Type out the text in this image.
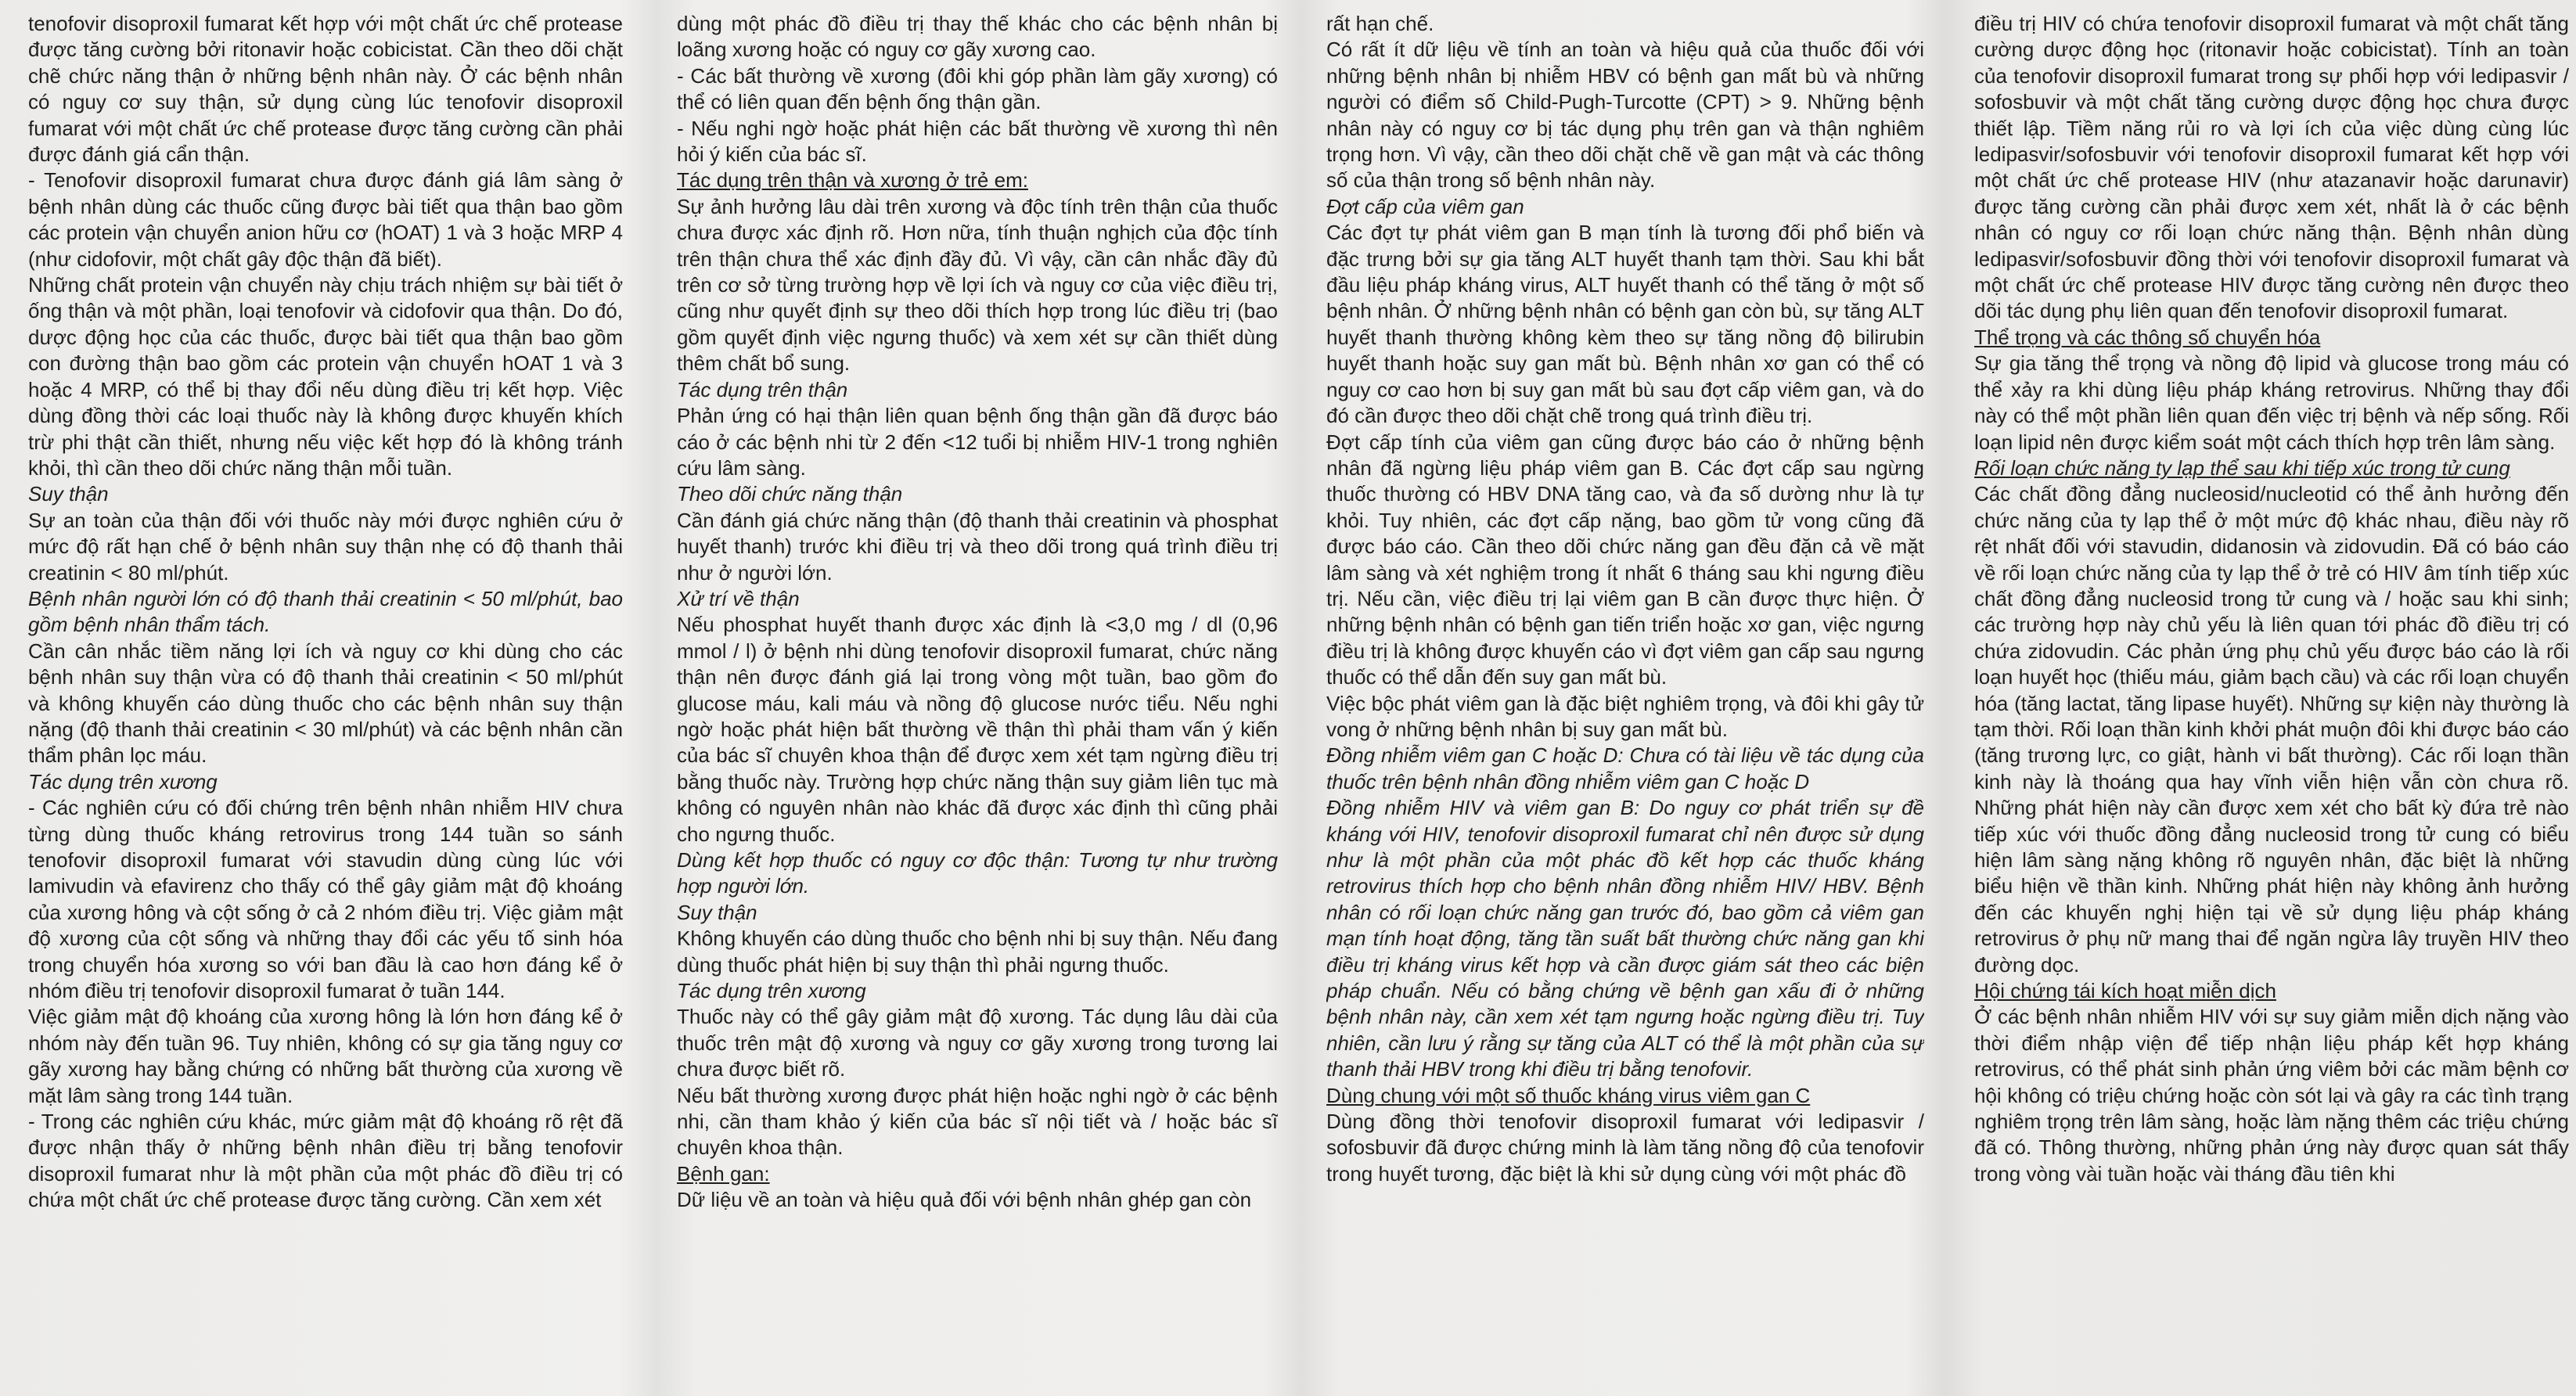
tenofovir disoproxil fumarat kết hợp với một chất ức chế protease được tăng cường bởi ritonavir hoặc cobicistat. Cần theo dõi chặt chẽ chức năng thận ở những bệnh nhân này. Ở các bệnh nhân có nguy cơ suy thận, sử dụng cùng lúc tenofovir disoproxil fumarat với một chất ức chế protease được tăng cường cần phải được đánh giá cẩn thận.

- Tenofovir disoproxil fumarat chưa được đánh giá lâm sàng ở bệnh nhân dùng các thuốc cũng được bài tiết qua thận bao gồm các protein vận chuyển anion hữu cơ (hOAT) 1 và 3 hoặc MRP 4 (như cidofovir, một chất gây độc thận đã biết).

Những chất protein vận chuyển này chịu trách nhiệm sự bài tiết ở ống thận và một phần, loại tenofovir và cidofovir qua thận. Do đó, dược động học của các thuốc, được bài tiết qua thận bao gồm con đường thận bao gồm các protein vận chuyển hOAT 1 và 3 hoặc 4 MRP, có thể bị thay đổi nếu dùng điều trị kết hợp. Việc dùng đồng thời các loại thuốc này là không được khuyến khích trừ phi thật cần thiết, nhưng nếu việc kết hợp đó là không tránh khỏi, thì cần theo dõi chức năng thận mỗi tuần.

Suy thận

Sự an toàn của thận đối với thuốc này mới được nghiên cứu ở mức độ rất hạn chế ở bệnh nhân suy thận nhẹ có độ thanh thải creatinin < 80 ml/phút.

Bệnh nhân người lớn có độ thanh thải creatinin < 50 ml/phút, bao gồm bệnh nhân thẩm tách.

Cần cân nhắc tiềm năng lợi ích và nguy cơ khi dùng cho các bệnh nhân suy thận vừa có độ thanh thải creatinin < 50 ml/phút và không khuyến cáo dùng thuốc cho các bệnh nhân suy thận nặng (độ thanh thải creatinin < 30 ml/phút) và các bệnh nhân cần thẩm phân lọc máu.

Tác dụng trên xương

- Các nghiên cứu có đối chứng trên bệnh nhân nhiễm HIV chưa từng dùng thuốc kháng retrovirus trong 144 tuần so sánh tenofovir disoproxil fumarat với stavudin dùng cùng lúc với lamivudin và efavirenz cho thấy có thể gây giảm mật độ khoáng của xương hông và cột sống ở cả 2 nhóm điều trị. Việc giảm mật độ xương của cột sống và những thay đổi các yếu tố sinh hóa trong chuyển hóa xương so với ban đầu là cao hơn đáng kể ở nhóm điều trị tenofovir disoproxil fumarat ở tuần 144.

Việc giảm mật độ khoáng của xương hông là lớn hơn đáng kể ở nhóm này đến tuần 96. Tuy nhiên, không có sự gia tăng nguy cơ gãy xương hay bằng chứng có những bất thường của xương về mặt lâm sàng trong 144 tuần.

- Trong các nghiên cứu khác, mức giảm mật độ khoáng rõ rệt đã được nhận thấy ở những bệnh nhân điều trị bằng tenofovir disoproxil fumarat như là một phần của một phác đồ điều trị có chứa một chất ức chế protease được tăng cường. Cần xem xét

dùng một phác đồ điều trị thay thế khác cho các bệnh nhân bị loãng xương hoặc có nguy cơ gãy xương cao.

- Các bất thường về xương (đôi khi góp phần làm gãy xương) có thể có liên quan đến bệnh ống thận gần.

- Nếu nghi ngờ hoặc phát hiện các bất thường về xương thì nên hỏi ý kiến của bác sĩ.

Tác dụng trên thận và xương ở trẻ em:

Sự ảnh hưởng lâu dài trên xương và độc tính trên thận của thuốc chưa được xác định rõ. Hơn nữa, tính thuận nghịch của độc tính trên thận chưa thể xác định đầy đủ. Vì vậy, cần cân nhắc đầy đủ trên cơ sở từng trường hợp về lợi ích và nguy cơ của việc điều trị, cũng như quyết định sự theo dõi thích hợp trong lúc điều trị (bao gồm quyết định việc ngưng thuốc) và xem xét sự cần thiết dùng thêm chất bổ sung.

Tác dụng trên thận

Phản ứng có hại thận liên quan bệnh ống thận gần đã được báo cáo ở các bệnh nhi từ 2 đến <12 tuổi bị nhiễm HIV-1 trong nghiên cứu lâm sàng.

Theo dõi chức năng thận

Cần đánh giá chức năng thận (độ thanh thải creatinin và phosphat huyết thanh) trước khi điều trị và theo dõi trong quá trình điều trị như ở người lớn.

Xử trí về thận

Nếu phosphat huyết thanh được xác định là <3,0 mg / dl (0,96 mmol / l) ở bệnh nhi dùng tenofovir disoproxil fumarat, chức năng thận nên được đánh giá lại trong vòng một tuần, bao gồm đo glucose máu, kali máu và nồng độ glucose nước tiểu. Nếu nghi ngờ hoặc phát hiện bất thường về thận thì phải tham vấn ý kiến của bác sĩ chuyên khoa thận để được xem xét tạm ngừng điều trị bằng thuốc này. Trường hợp chức năng thận suy giảm liên tục mà không có nguyên nhân nào khác đã được xác định thì cũng phải cho ngưng thuốc.

Dùng kết hợp thuốc có nguy cơ độc thận: Tương tự như trường hợp người lớn.

Suy thận

Không khuyến cáo dùng thuốc cho bệnh nhi bị suy thận. Nếu đang dùng thuốc phát hiện bị suy thận thì phải ngưng thuốc.

Tác dụng trên xương

Thuốc này có thể gây giảm mật độ xương. Tác dụng lâu dài của thuốc trên mật độ xương và nguy cơ gãy xương trong tương lai chưa được biết rõ.

Nếu bất thường xương được phát hiện hoặc nghi ngờ ở các bệnh nhi, cần tham khảo ý kiến của bác sĩ nội tiết và / hoặc bác sĩ chuyên khoa thận.

Bệnh gan:

Dữ liệu về an toàn và hiệu quả đối với bệnh nhân ghép gan còn

rất hạn chế.

Có rất ít dữ liệu về tính an toàn và hiệu quả của thuốc đối với những bệnh nhân bị nhiễm HBV có bệnh gan mất bù và những người có điểm số Child-Pugh-Turcotte (CPT) > 9. Những bệnh nhân này có nguy cơ bị tác dụng phụ trên gan và thận nghiêm trọng hơn. Vì vậy, cần theo dõi chặt chẽ về gan mật và các thông số của thận trong số bệnh nhân này.

Đợt cấp của viêm gan

Các đợt tự phát viêm gan B mạn tính là tương đối phổ biến và đặc trưng bởi sự gia tăng ALT huyết thanh tạm thời. Sau khi bắt đầu liệu pháp kháng virus, ALT huyết thanh có thể tăng ở một số bệnh nhân. Ở những bệnh nhân có bệnh gan còn bù, sự tăng ALT huyết thanh thường không kèm theo sự tăng nồng độ bilirubin huyết thanh hoặc suy gan mất bù. Bệnh nhân xơ gan có thể có nguy cơ cao hơn bị suy gan mất bù sau đợt cấp viêm gan, và do đó cần được theo dõi chặt chẽ trong quá trình điều trị.

Đợt cấp tính của viêm gan cũng được báo cáo ở những bệnh nhân đã ngừng liệu pháp viêm gan B. Các đợt cấp sau ngừng thuốc thường có HBV DNA tăng cao, và đa số dường như là tự khỏi. Tuy nhiên, các đợt cấp nặng, bao gồm tử vong cũng đã được báo cáo. Cần theo dõi chức năng gan đều đặn cả về mặt lâm sàng và xét nghiệm trong ít nhất 6 tháng sau khi ngưng điều trị. Nếu cần, việc điều trị lại viêm gan B cần được thực hiện. Ở những bệnh nhân có bệnh gan tiến triển hoặc xơ gan, việc ngưng điều trị là không được khuyến cáo vì đợt viêm gan cấp sau ngưng thuốc có thể dẫn đến suy gan mất bù.

Việc bộc phát viêm gan là đặc biệt nghiêm trọng, và đôi khi gây tử vong ở những bệnh nhân bị suy gan mất bù.

Đồng nhiễm viêm gan C hoặc D: Chưa có tài liệu về tác dụng của thuốc trên bệnh nhân đồng nhiễm viêm gan C hoặc D

Đồng nhiễm HIV và viêm gan B: Do nguy cơ phát triển sự đề kháng với HIV, tenofovir disoproxil fumarat chỉ nên được sử dụng như là một phần của một phác đồ kết hợp các thuốc kháng retrovirus thích hợp cho bệnh nhân đồng nhiễm HIV/ HBV. Bệnh nhân có rối loạn chức năng gan trước đó, bao gồm cả viêm gan mạn tính hoạt động, tăng tần suất bất thường chức năng gan khi điều trị kháng virus kết hợp và cần được giám sát theo các biện pháp chuẩn. Nếu có bằng chứng về bệnh gan xấu đi ở những bệnh nhân này, cần xem xét tạm ngưng hoặc ngừng điều trị. Tuy nhiên, cần lưu ý rằng sự tăng của ALT có thể là một phần của sự thanh thải HBV trong khi điều trị bằng tenofovir.

Dùng chung với một số thuốc kháng virus viêm gan C

Dùng đồng thời tenofovir disoproxil fumarat với ledipasvir / sofosbuvir đã được chứng minh là làm tăng nồng độ của tenofovir trong huyết tương, đặc biệt là khi sử dụng cùng với một phác đồ

điều trị HIV có chứa tenofovir disoproxil fumarat và một chất tăng cường dược động học (ritonavir hoặc cobicistat). Tính an toàn của tenofovir disoproxil fumarat trong sự phối hợp với ledipasvir / sofosbuvir và một chất tăng cường dược động học chưa được thiết lập. Tiềm năng rủi ro và lợi ích của việc dùng cùng lúc ledipasvir/sofosbuvir với tenofovir disoproxil fumarat kết hợp với một chất ức chế protease HIV (như atazanavir hoặc darunavir) được tăng cường cần phải được xem xét, nhất là ở các bệnh nhân có nguy cơ rối loạn chức năng thận. Bệnh nhân dùng ledipasvir/sofosbuvir đồng thời với tenofovir disoproxil fumarat và một chất ức chế protease HIV được tăng cường nên được theo dõi tác dụng phụ liên quan đến tenofovir disoproxil fumarat.

Thể trọng và các thông số chuyển hóa

Sự gia tăng thể trọng và nồng độ lipid và glucose trong máu có thể xảy ra khi dùng liệu pháp kháng retrovirus. Những thay đổi này có thể một phần liên quan đến việc trị bệnh và nếp sống. Rối loạn lipid nên được kiểm soát một cách thích hợp trên lâm sàng.

Rối loạn chức năng ty lạp thể sau khi tiếp xúc trong tử cung

Các chất đồng đẳng nucleosid/nucleotid có thể ảnh hưởng đến chức năng của ty lạp thể ở một mức độ khác nhau, điều này rõ rệt nhất đối với stavudin, didanosin và zidovudin. Đã có báo cáo về rối loạn chức năng của ty lạp thể ở trẻ có HIV âm tính tiếp xúc chất đồng đẳng nucleosid trong tử cung và / hoặc sau khi sinh; các trường hợp này chủ yếu là liên quan tới phác đồ điều trị có chứa zidovudin. Các phản ứng phụ chủ yếu được báo cáo là rối loạn huyết học (thiếu máu, giảm bạch cầu) và các rối loạn chuyển hóa (tăng lactat, tăng lipase huyết). Những sự kiện này thường là tạm thời. Rối loạn thần kinh khởi phát muộn đôi khi được báo cáo (tăng trương lực, co giật, hành vi bất thường). Các rối loạn thần kinh này là thoáng qua hay vĩnh viễn hiện vẫn còn chưa rõ. Những phát hiện này cần được xem xét cho bất kỳ đứa trẻ nào tiếp xúc với thuốc đồng đẳng nucleosid trong tử cung có biểu hiện lâm sàng nặng không rõ nguyên nhân, đặc biệt là những biểu hiện về thần kinh. Những phát hiện này không ảnh hưởng đến các khuyến nghị hiện tại về sử dụng liệu pháp kháng retrovirus ở phụ nữ mang thai để ngăn ngừa lây truyền HIV theo đường dọc.

Hội chứng tái kích hoạt miễn dịch

Ở các bệnh nhân nhiễm HIV với sự suy giảm miễn dịch nặng vào thời điểm nhập viện để tiếp nhận liệu pháp kết hợp kháng retrovirus, có thể phát sinh phản ứng viêm bởi các mầm bệnh cơ hội không có triệu chứng hoặc còn sót lại và gây ra các tình trạng nghiêm trọng trên lâm sàng, hoặc làm nặng thêm các triệu chứng đã có. Thông thường, những phản ứng này được quan sát thấy trong vòng vài tuần hoặc vài tháng đầu tiên khi
